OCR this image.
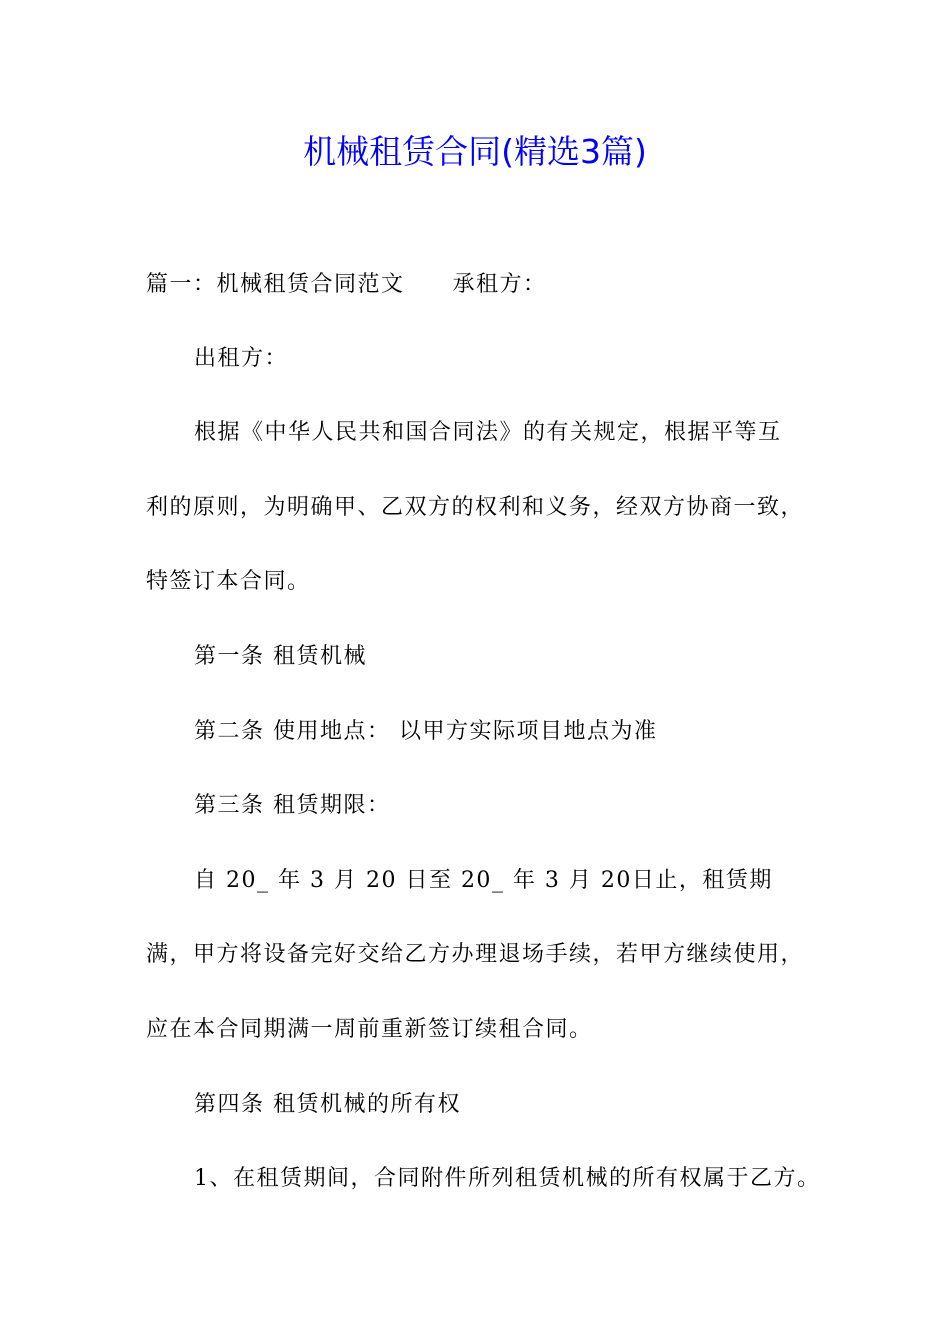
机械租赁合同(精选3篇)
篇一：机械租赁合同范文 承租方：
出租方：
根据《中华人民共和国合同法》的有关规定，根据平等互
利的原则，为明确甲、乙双方的权利和义务，经双方协商一致，
特签订本合同。
第一条 租赁机械
第二条 使用地点： 以甲方实际项目地点为准
第三条 租赁期限：
自 20_ 年 3 月 20 日至 20_ 年 3 月 20日止，租赁期
满，甲方将设备完好交给乙方办理退场手续，若甲方继续使用，
应在本合同期满一周前重新签订续租合同。
第四条 租赁机械的所有权
1、在租赁期间，合同附件所列租赁机械的所有权属于乙方。
